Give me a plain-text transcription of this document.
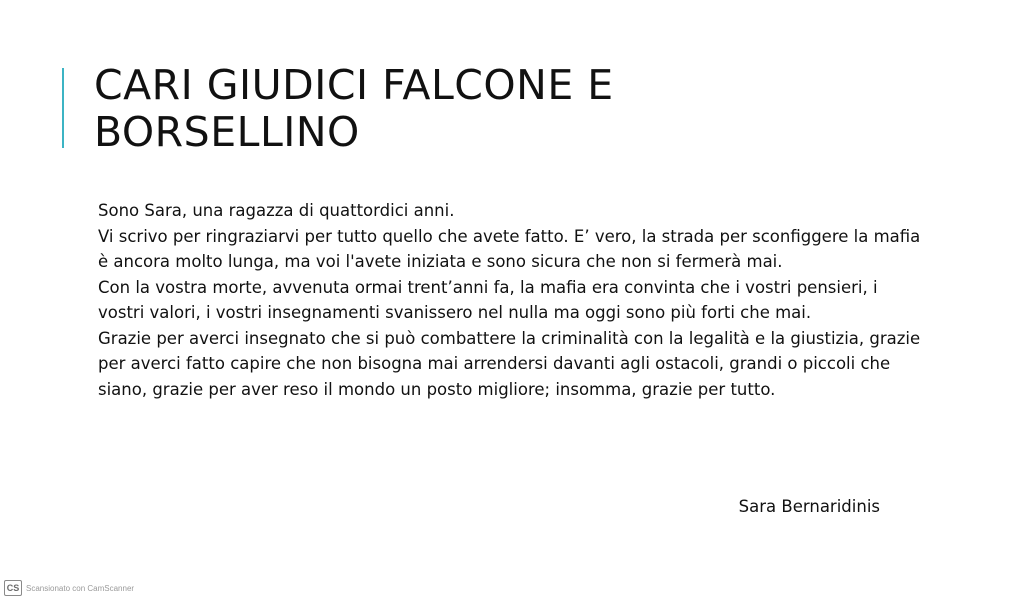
CARI GIUDICI FALCONE E
BORSELLINO

Sono Sara, una ragazza di quattordici anni.

Vi scrivo per ringraziarvi per tutto quello che avete fatto. E’ vero, la strada per sconfiggere la mafia è ancora molto lunga, ma voi l'avete iniziata e sono sicura che non si fermerà mai.

Con la vostra morte, avvenuta ormai trent’anni fa, la mafia era convinta che i vostri pensieri, i vostri valori, i vostri insegnamenti svanissero nel nulla ma oggi sono più forti che mai.

Grazie per averci insegnato che si può combattere la criminalità con la legalità e la giustizia, grazie per averci fatto capire che non bisogna mai arrendersi davanti agli ostacoli, grandi o piccoli che siano, grazie per aver reso il mondo un posto migliore; insomma, grazie per tutto.

Sara Bernaridinis
CS Scansionato con CamScanner
